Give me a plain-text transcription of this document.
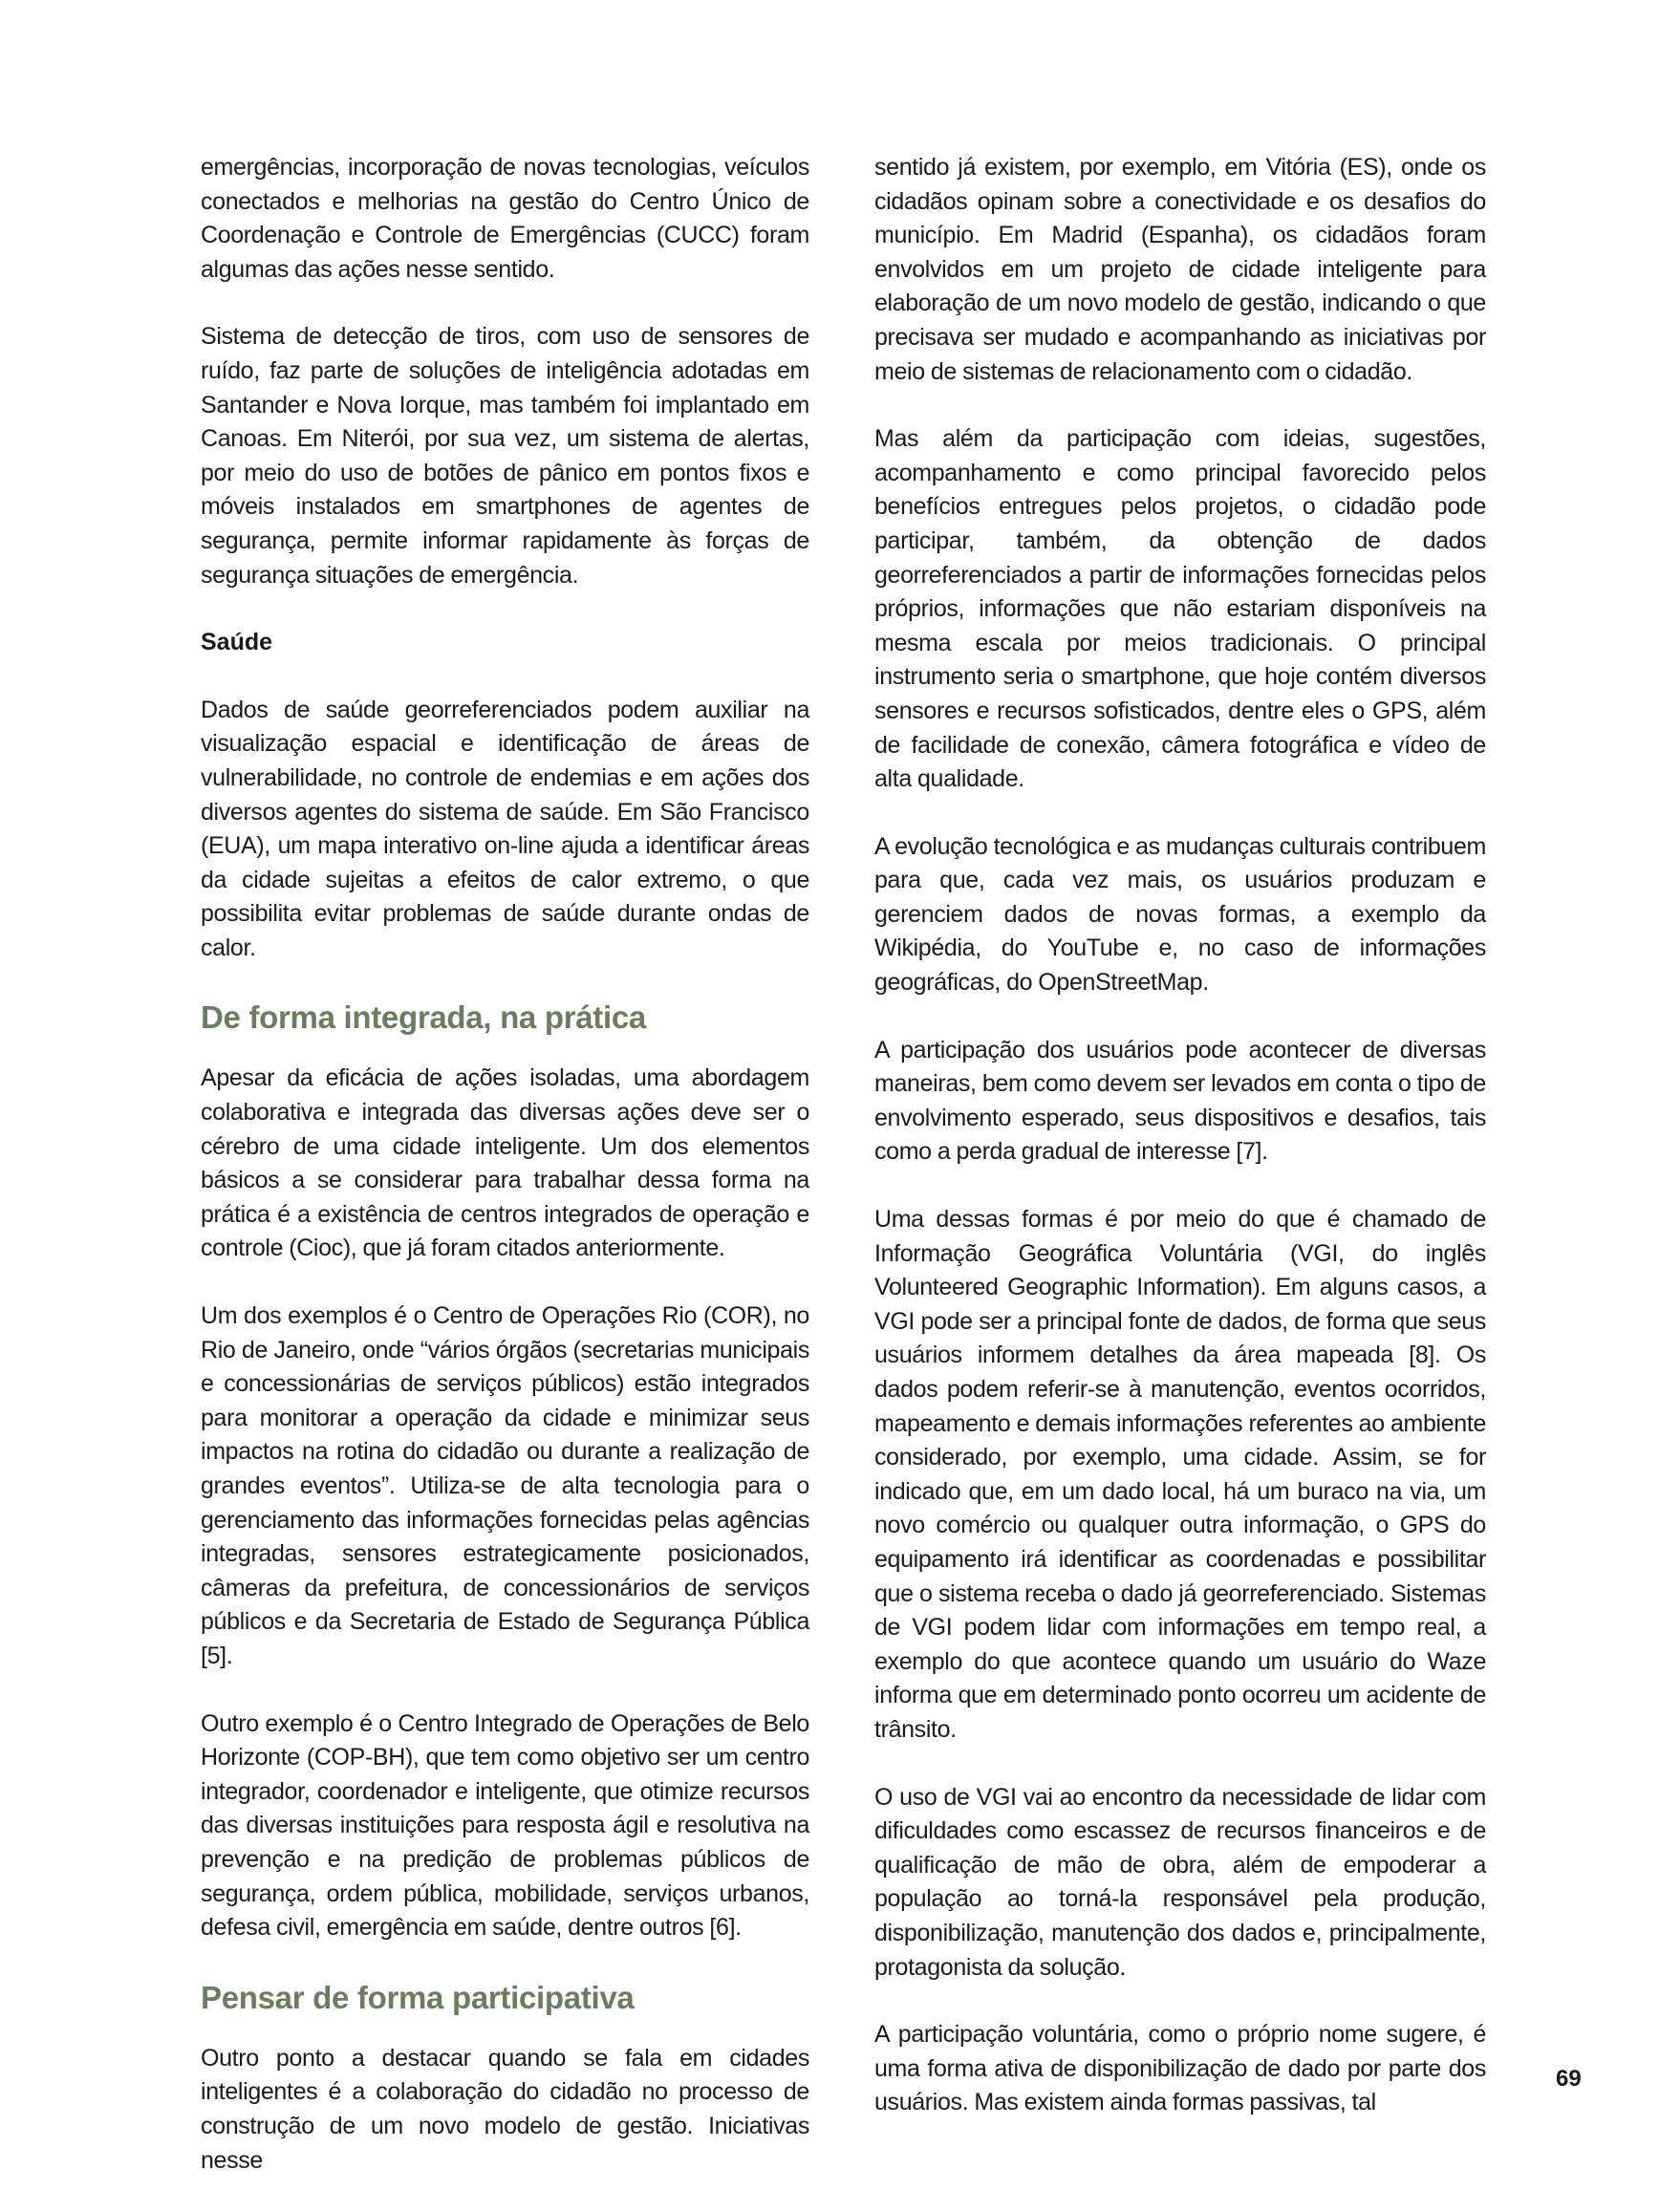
emergências, incorporação de novas tecnologias, veículos conectados e melhorias na gestão do Centro Único de Coordenação e Controle de Emergências (CUCC) foram algumas das ações nesse sentido.

Sistema de detecção de tiros, com uso de sensores de ruído, faz parte de soluções de inteligência adotadas em Santander e Nova Iorque, mas também foi implantado em Canoas. Em Niterói, por sua vez, um sistema de alertas, por meio do uso de botões de pânico em pontos fixos e móveis instalados em smartphones de agentes de segurança, permite informar rapidamente às forças de segurança situações de emergência.

Saúde

Dados de saúde georreferenciados podem auxiliar na visualização espacial e identificação de áreas de vulnerabilidade, no controle de endemias e em ações dos diversos agentes do sistema de saúde. Em São Francisco (EUA), um mapa interativo on-line ajuda a identificar áreas da cidade sujeitas a efeitos de calor extremo, o que possibilita evitar problemas de saúde durante ondas de calor.

De forma integrada, na prática

Apesar da eficácia de ações isoladas, uma abordagem colaborativa e integrada das diversas ações deve ser o cérebro de uma cidade inteligente. Um dos elementos básicos a se considerar para trabalhar dessa forma na prática é a existência de centros integrados de operação e controle (Cioc), que já foram citados anteriormente.

Um dos exemplos é o Centro de Operações Rio (COR), no Rio de Janeiro, onde “vários órgãos (secretarias municipais e concessionárias de serviços públicos) estão integrados para monitorar a operação da cidade e minimizar seus impactos na rotina do cidadão ou durante a realização de grandes eventos”. Utiliza-se de alta tecnologia para o gerenciamento das informações fornecidas pelas agências integradas, sensores estrategicamente posicionados, câmeras da prefeitura, de concessionários de serviços públicos e da Secretaria de Estado de Segurança Pública [5].

Outro exemplo é o Centro Integrado de Operações de Belo Horizonte (COP-BH), que tem como objetivo ser um centro integrador, coordenador e inteligente, que otimize recursos das diversas instituições para resposta ágil e resolutiva na prevenção e na predição de problemas públicos de segurança, ordem pública, mobilidade, serviços urbanos, defesa civil, emergência em saúde, dentre outros [6].

Pensar de forma participativa

Outro ponto a destacar quando se fala em cidades inteligentes é a colaboração do cidadão no processo de construção de um novo modelo de gestão. Iniciativas nesse

sentido já existem, por exemplo, em Vitória (ES), onde os cidadãos opinam sobre a conectividade e os desafios do município. Em Madrid (Espanha), os cidadãos foram envolvidos em um projeto de cidade inteligente para elaboração de um novo modelo de gestão, indicando o que precisava ser mudado e acompanhando as iniciativas por meio de sistemas de relacionamento com o cidadão.

Mas além da participação com ideias, sugestões, acompanhamento e como principal favorecido pelos benefícios entregues pelos projetos, o cidadão pode participar, também, da obtenção de dados georreferenciados a partir de informações fornecidas pelos próprios, informações que não estariam disponíveis na mesma escala por meios tradicionais. O principal instrumento seria o smartphone, que hoje contém diversos sensores e recursos sofisticados, dentre eles o GPS, além de facilidade de conexão, câmera fotográfica e vídeo de alta qualidade.

A evolução tecnológica e as mudanças culturais contribuem para que, cada vez mais, os usuários produzam e gerenciem dados de novas formas, a exemplo da Wikipédia, do YouTube e, no caso de informações geográficas, do OpenStreetMap.

A participação dos usuários pode acontecer de diversas maneiras, bem como devem ser levados em conta o tipo de envolvimento esperado, seus dispositivos e desafios, tais como a perda gradual de interesse [7].

Uma dessas formas é por meio do que é chamado de Informação Geográfica Voluntária (VGI, do inglês Volunteered Geographic Information). Em alguns casos, a VGI pode ser a principal fonte de dados, de forma que seus usuários informem detalhes da área mapeada [8]. Os dados podem referir-se à manutenção, eventos ocorridos, mapeamento e demais informações referentes ao ambiente considerado, por exemplo, uma cidade. Assim, se for indicado que, em um dado local, há um buraco na via, um novo comércio ou qualquer outra informação, o GPS do equipamento irá identificar as coordenadas e possibilitar que o sistema receba o dado já georreferenciado. Sistemas de VGI podem lidar com informações em tempo real, a exemplo do que acontece quando um usuário do Waze informa que em determinado ponto ocorreu um acidente de trânsito.

O uso de VGI vai ao encontro da necessidade de lidar com dificuldades como escassez de recursos financeiros e de qualificação de mão de obra, além de empoderar a população ao torná-la responsável pela produção, disponibilização, manutenção dos dados e, principalmente, protagonista da solução.

A participação voluntária, como o próprio nome sugere, é uma forma ativa de disponibilização de dado por parte dos usuários. Mas existem ainda formas passivas, tal

69
